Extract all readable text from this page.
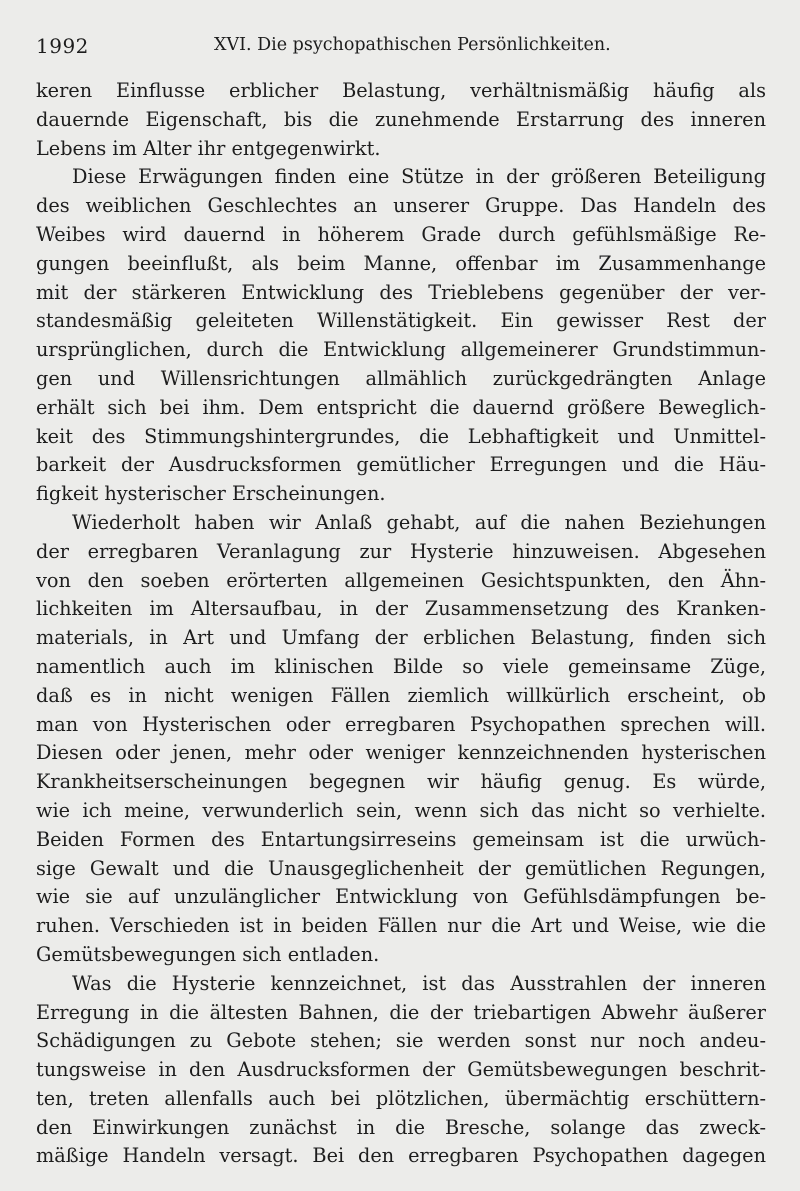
1992	XVI. Die psychopathischen Persönlichkeiten.
keren Einflusse erblicher Belastung, verhältnismäßig häufig als
dauernde Eigenschaft, bis die zunehmende Erstarrung des inneren
Lebens im Alter ihr entgegenwirkt.
Diese Erwägungen finden eine Stütze in der größeren Beteiligung
des weiblichen Geschlechtes an unserer Gruppe. Das Handeln des
Weibes wird dauernd in höherem Grade durch gefühlsmäßige Re-
gungen beeinflußt, als beim Manne, offenbar im Zusammenhange
mit der stärkeren Entwicklung des Trieblebens gegenüber der ver-
standesmäßig geleiteten Willenstätigkeit. Ein gewisser Rest der
ursprünglichen, durch die Entwicklung allgemeinerer Grundstimmun-
gen und Willensrichtungen allmählich zurückgedrängten Anlage
erhält sich bei ihm. Dem entspricht die dauernd größere Beweglich-
keit des Stimmungshintergrundes, die Lebhaftigkeit und Unmittel-
barkeit der Ausdrucksformen gemütlicher Erregungen und die Häu-
figkeit hysterischer Erscheinungen.
Wiederholt haben wir Anlaß gehabt, auf die nahen Beziehungen
der erregbaren Veranlagung zur Hysterie hinzuweisen. Abgesehen
von den soeben erörterten allgemeinen Gesichtspunkten, den Ähn-
lichkeiten im Altersaufbau, in der Zusammensetzung des Kranken-
materials, in Art und Umfang der erblichen Belastung, finden sich
namentlich auch im klinischen Bilde so viele gemeinsame Züge,
daß es in nicht wenigen Fällen ziemlich willkürlich erscheint, ob
man von Hysterischen oder erregbaren Psychopathen sprechen will.
Diesen oder jenen, mehr oder weniger kennzeichnenden hysterischen
Krankheitserscheinungen begegnen wir häufig genug. Es würde,
wie ich meine, verwunderlich sein, wenn sich das nicht so verhielte.
Beiden Formen des Entartungsirreseins gemeinsam ist die urwüch-
sige Gewalt und die Unausgeglichenheit der gemütlichen Regungen,
wie sie auf unzulänglicher Entwicklung von Gefühlsdämpfungen be-
ruhen. Verschieden ist in beiden Fällen nur die Art und Weise, wie die
Gemütsbewegungen sich entladen.
Was die Hysterie kennzeichnet, ist das Ausstrahlen der inneren
Erregung in die ältesten Bahnen, die der triebartigen Abwehr äußerer
Schädigungen zu Gebote stehen; sie werden sonst nur noch andeu-
tungsweise in den Ausdrucksformen der Gemütsbewegungen beschrit-
ten, treten allenfalls auch bei plötzlichen, übermächtig erschüttern-
den Einwirkungen zunächst in die Bresche, solange das zweck-
mäßige Handeln versagt. Bei den erregbaren Psychopathen dagegen
